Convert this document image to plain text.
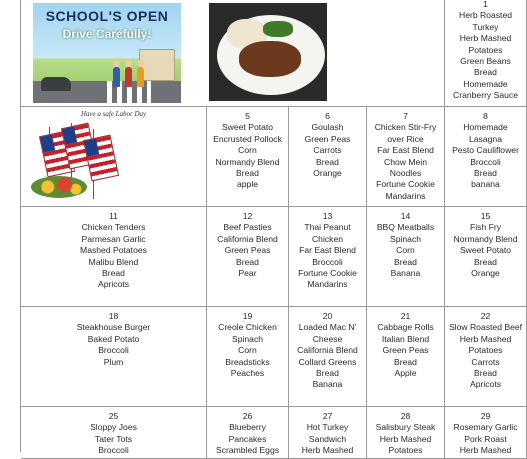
SCHOOL'S OPEN
Drive Carefully!
1
Herb Roasted
Turkey
Herb Mashed
Potatoes
Green Beans
Bread
Homemade
Cranberry Sauce
Have a safe Labor Day	5
Sweet Potato
Encrusted Pollock
Corn
Normandy Blend
Bread
apple
6
Goulash
Green Peas
Carrots
Bread
Orange
7
Chicken Stir-Fry
over Rice
Far East Blend
Chow Mein
Noodles
Fortune Cookie
Mandarins
8
Homemade
Lasagna
Pesto Cauliflower
Broccoli
Bread
banana
11
Chicken Tenders
Parmesan Garlic
Mashed Potatoes
Malibu Blend
Bread
Apricots
12
Beef Pasties
California Blend
Green Peas
Bread
Pear
13
Thai Peanut
Chicken
Far East Blend
Broccoli
Fortune Cookie
Mandarins
14
BBQ Meatballs
Spinach
Corn
Bread
Banana
15
Fish Fry
Normandy Blend
Sweet Potato
Bread
Orange
18
Steakhouse Burger
Baked Potato
Broccoli
Plum
19
Creole Chicken
Spinach
Corn
Breadsticks
Peaches
20
Loaded Mac N'
Cheese
California Blend
Collard Greens
Bread
Banana
21
Cabbage Rolls
Italian Blend
Green Peas
Bread
Apple
22
Slow Roasted Beef
Herb Mashed
Potatoes
Carrots
Bread
Apricots
25
Sloppy Joes
Tater Tots
Broccoli
26
Blueberry
Pancakes
Scrambled Eggs
27
Hot Turkey
Sandwich
Herb Mashed
28
Salisbury Steak
Herb Mashed
Potatoes
29
Rosemary Garlic
Pork Roast
Herb Mashed
